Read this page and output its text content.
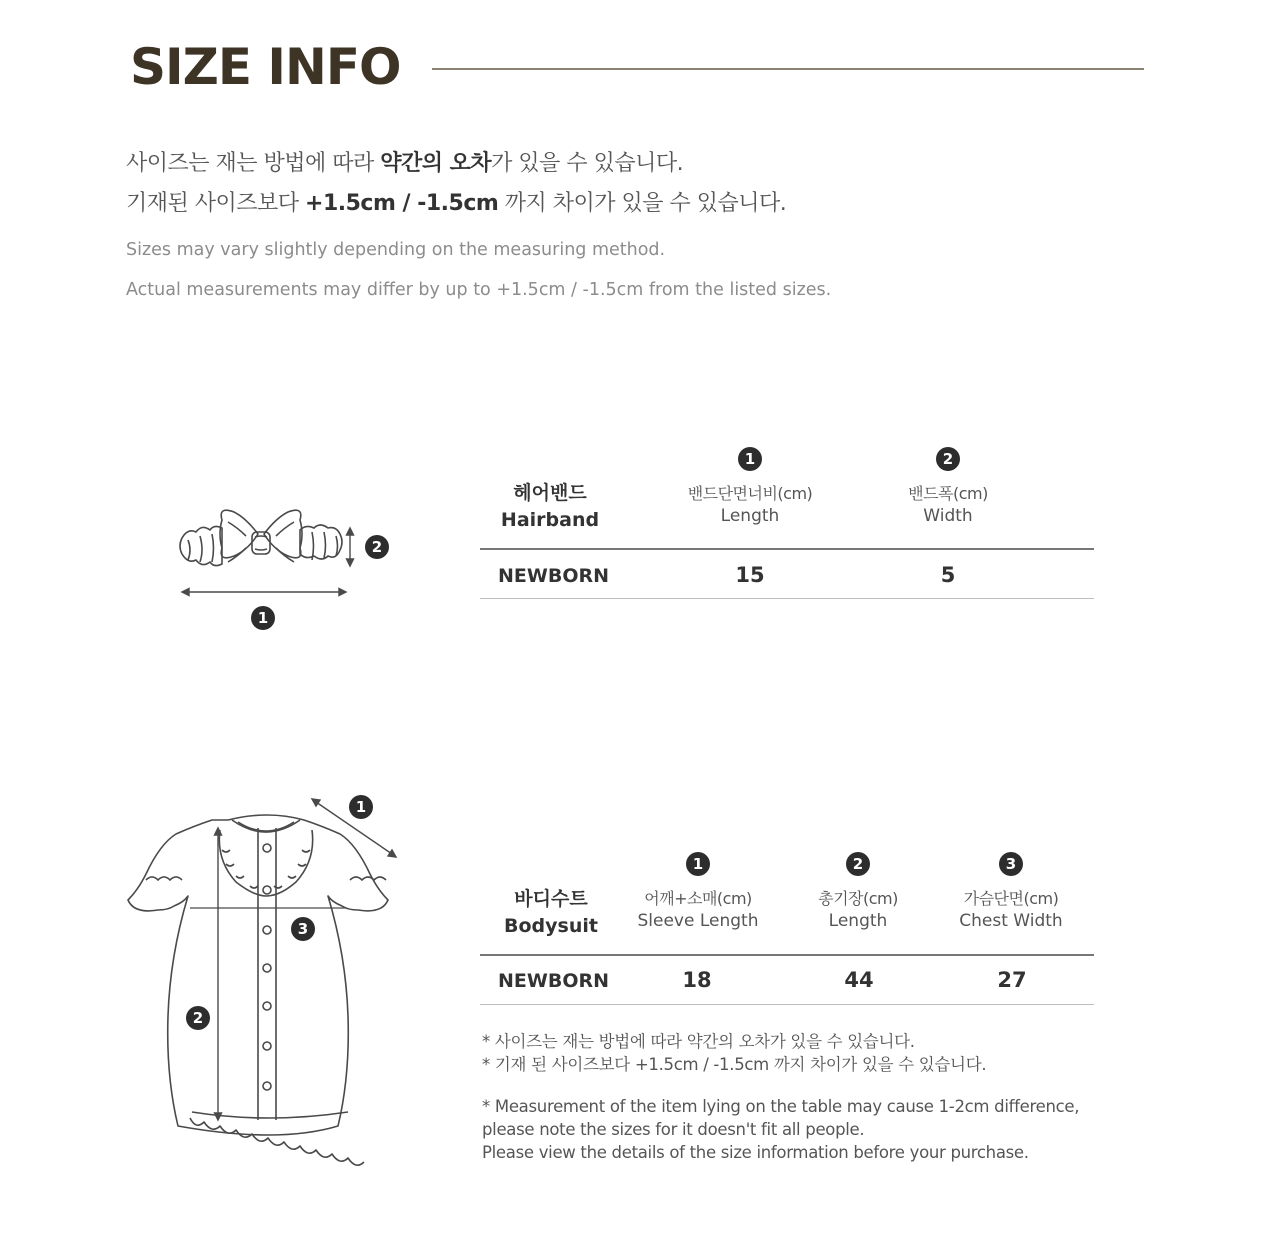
SIZE INFO
사이즈는 재는 방법에 따라 약간의 오차가 있을 수 있습니다.
기재된 사이즈보다 +1.5cm / -1.5cm 까지 차이가 있을 수 있습니다.
Sizes may vary slightly depending on the measuring method.
Actual measurements may differ by up to +1.5cm / -1.5cm from the listed sizes.
2
1
1
3
2
헤어밴드
Hairband
1
밴드단면너비(cm)
Length
2
밴드폭(cm)
Width
NEWBORN	15	5
바디수트
Bodysuit
1
어깨+소매(cm)
Sleeve Length
2
총기장(cm)
Length
3
가슴단면(cm)
Chest Width
NEWBORN	18	44	27
* 사이즈는 재는 방법에 따라 약간의 오차가 있을 수 있습니다.
* 기재 된 사이즈보다 +1.5cm / -1.5cm 까지 차이가 있을 수 있습니다.
* Measurement of the item lying on the table may cause 1-2cm difference,
please note the sizes for it doesn't fit all people.
Please view the details of the size information before your purchase.
